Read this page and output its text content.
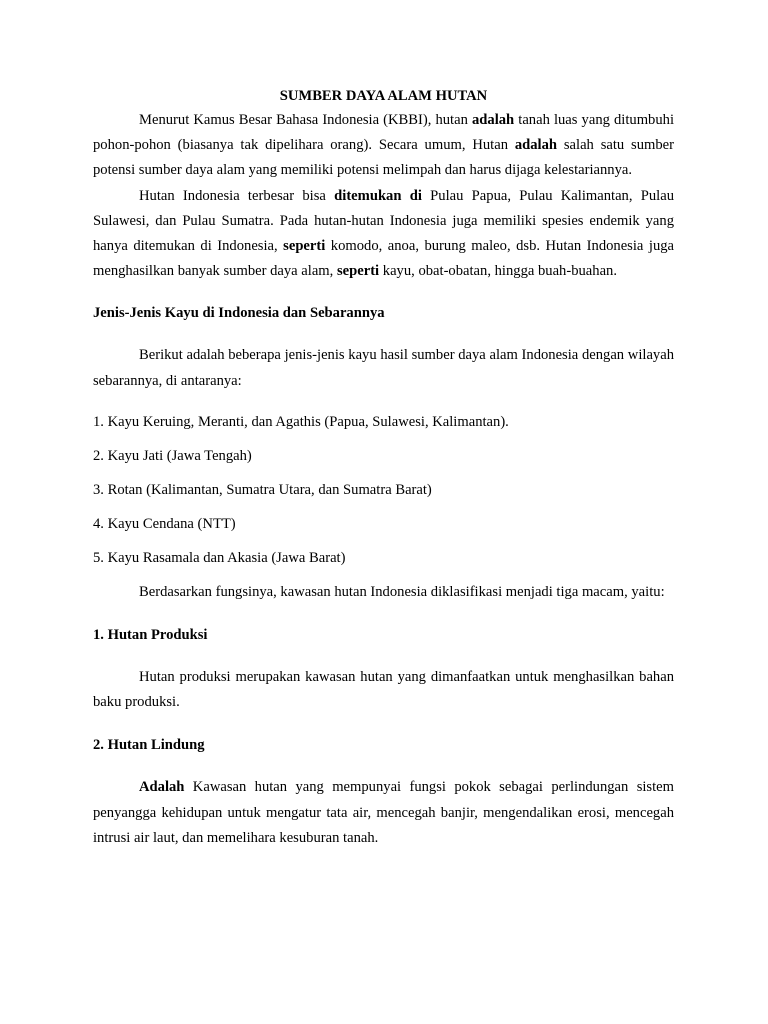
SUMBER DAYA ALAM HUTAN

Menurut Kamus Besar Bahasa Indonesia (KBBI), hutan adalah tanah luas yang ditumbuhi pohon-pohon (biasanya tak dipelihara orang). Secara umum, Hutan adalah salah satu sumber potensi sumber daya alam yang memiliki potensi melimpah dan harus dijaga kelestariannya.

Hutan Indonesia terbesar bisa ditemukan di Pulau Papua, Pulau Kalimantan, Pulau Sulawesi, dan Pulau Sumatra. Pada hutan-hutan Indonesia juga memiliki spesies endemik yang hanya ditemukan di Indonesia, seperti komodo, anoa, burung maleo, dsb. Hutan Indonesia juga menghasilkan banyak sumber daya alam, seperti kayu, obat-obatan, hingga buah-buahan.

Jenis-Jenis Kayu di Indonesia dan Sebarannya

Berikut adalah beberapa jenis-jenis kayu hasil sumber daya alam Indonesia dengan wilayah sebarannya, di antaranya:

1. Kayu Keruing, Meranti, dan Agathis (Papua, Sulawesi, Kalimantan).

2. Kayu Jati (Jawa Tengah)

3. Rotan (Kalimantan, Sumatra Utara, dan Sumatra Barat)

4. Kayu Cendana (NTT)

5. Kayu Rasamala dan Akasia (Jawa Barat)

Berdasarkan fungsinya, kawasan hutan Indonesia diklasifikasi menjadi tiga macam, yaitu:

1. Hutan Produksi

Hutan produksi merupakan kawasan hutan yang dimanfaatkan untuk menghasilkan bahan baku produksi.

2. Hutan Lindung

Adalah Kawasan hutan yang mempunyai fungsi pokok sebagai perlindungan sistem penyangga kehidupan untuk mengatur tata air, mencegah banjir, mengendalikan erosi, mencegah intrusi air laut, dan memelihara kesuburan tanah.
